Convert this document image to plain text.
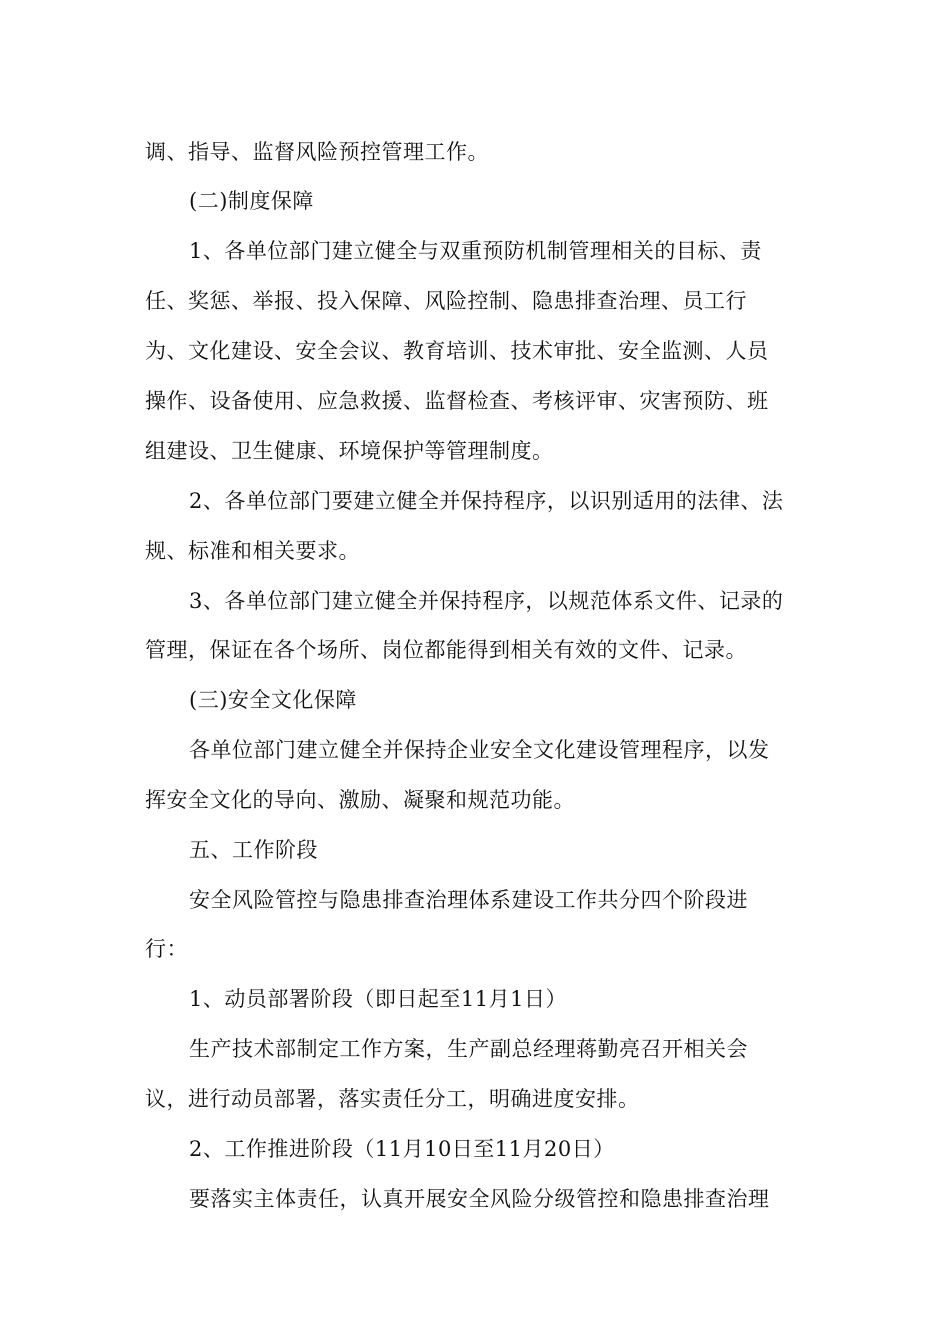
调、指导、监督风险预控管理工作。
(二)制度保障
1、各单位部门建立健全与双重预防机制管理相关的目标、责
任、奖惩、举报、投入保障、风险控制、隐患排查治理、员工行
为、文化建设、安全会议、教育培训、技术审批、安全监测、人员
操作、设备使用、应急救援、监督检查、考核评审、灾害预防、班
组建设、卫生健康、环境保护等管理制度。
2、各单位部门要建立健全并保持程序，以识别适用的法律、法
规、标准和相关要求。
3、各单位部门建立健全并保持程序，以规范体系文件、记录的
管理，保证在各个场所、岗位都能得到相关有效的文件、记录。
(三)安全文化保障
各单位部门建立健全并保持企业安全文化建设管理程序，以发
挥安全文化的导向、激励、凝聚和规范功能。
五、工作阶段
安全风险管控与隐患排查治理体系建设工作共分四个阶段进
行：
1、动员部署阶段（即日起至11月1日）
生产技术部制定工作方案，生产副总经理蒋勤亮召开相关会
议，进行动员部署，落实责任分工，明确进度安排。
2、工作推进阶段（11月10日至11月20日）
要落实主体责任，认真开展安全风险分级管控和隐患排查治理
